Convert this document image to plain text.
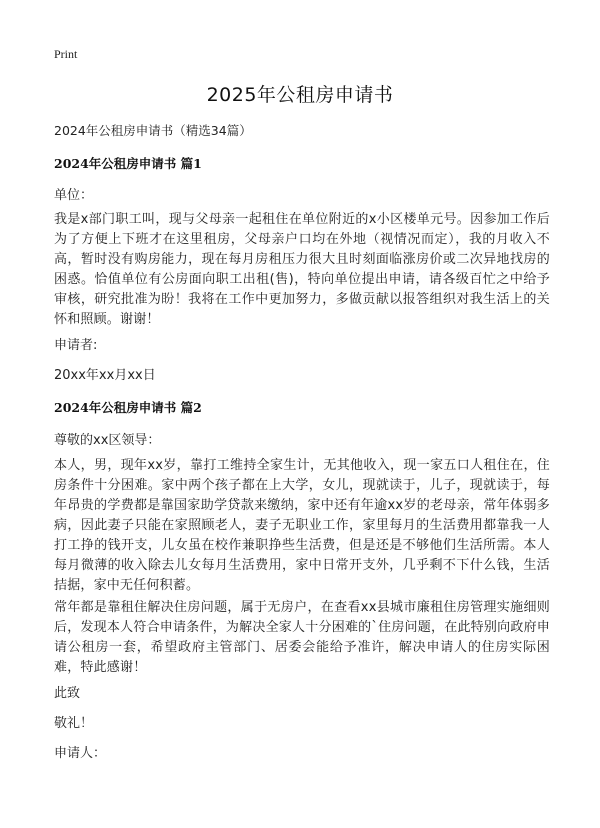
Print
2025年公租房申请书
2024年公租房申请书（精选34篇）
2024年公租房申请书 篇1
单位：
我是x部门职工叫，现与父母亲一起租住在单位附近的x小区楼单元号。因参加工作后为了方便上下班才在这里租房，父母亲户口均在外地（视情况而定），我的月收入不高，暂时没有购房能力，现在每月房租压力很大且时刻面临涨房价或二次异地找房的困惑。恰值单位有公房面向职工出租(售)，特向单位提出申请，请各级百忙之中给予审核，研究批准为盼！我将在工作中更加努力，多做贡献以报答组织对我生活上的关怀和照顾。谢谢！
申请者:
20xx年xx月xx日
2024年公租房申请书 篇2
尊敬的xx区领导：
本人，男，现年xx岁，靠打工维持全家生计，无其他收入，现一家五口人租住在，住房条件十分困难。家中两个孩子都在上大学，女儿，现就读于，儿子，现就读于，每年昂贵的学费都是靠国家助学贷款来缴纳，家中还有年逾xx岁的老母亲，常年体弱多病，因此妻子只能在家照顾老人，妻子无职业工作，家里每月的生活费用都靠我一人打工挣的钱开支，儿女虽在校作兼职挣些生活费，但是还是不够他们生活所需。本人每月微薄的收入除去儿女每月生活费用，家中日常开支外，几乎剩不下什么钱，生活拮据，家中无任何积蓄。
常年都是靠租住解决住房问题，属于无房户，在查看xx县城市廉租住房管理实施细则后，发现本人符合申请条件，为解决全家人十分困难的`住房问题，在此特别向政府申请公租房一套，希望政府主管部门、居委会能给予准许，解决申请人的住房实际困难，特此感谢！
此致
敬礼！
申请人：
